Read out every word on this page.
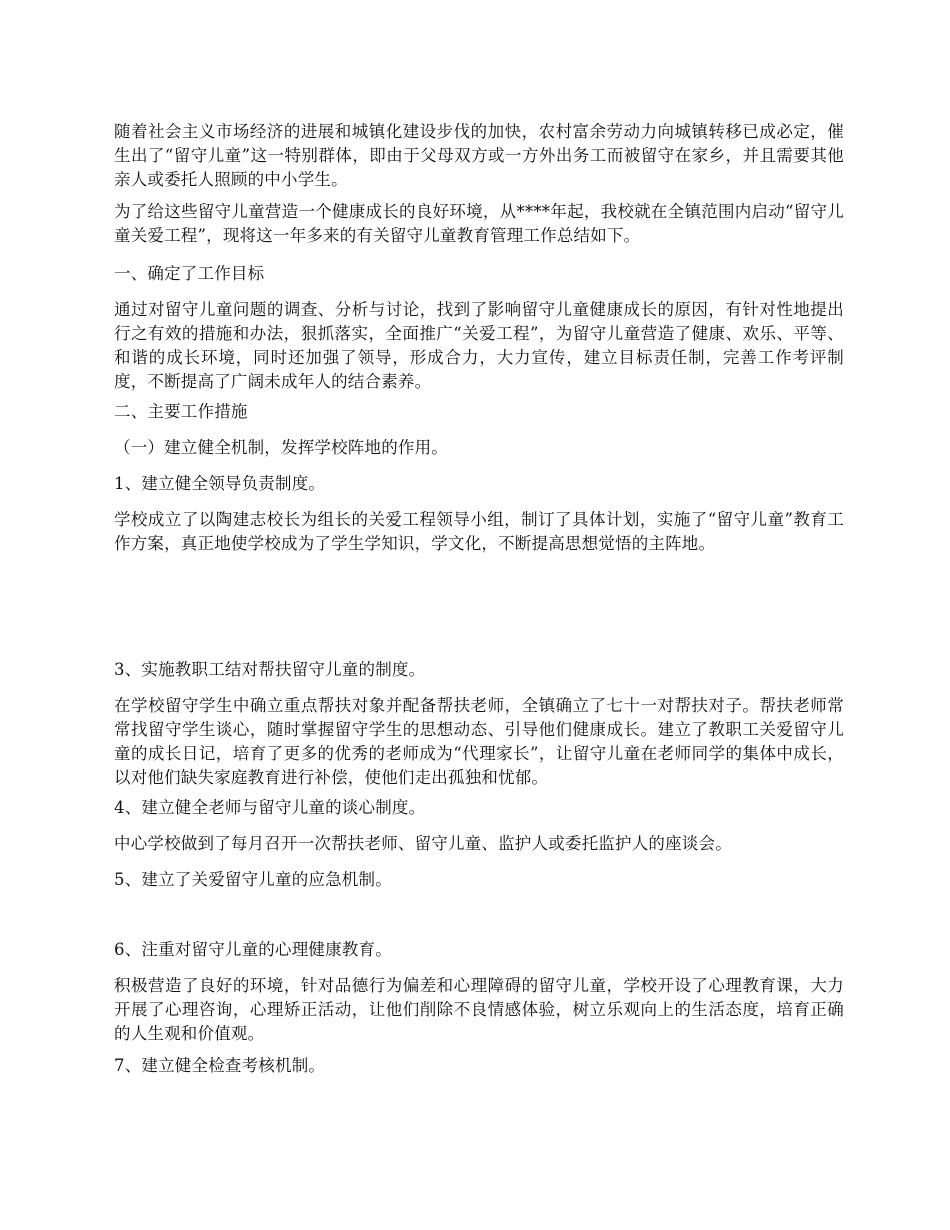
随着社会主义市场经济的进展和城镇化建设步伐的加快，农村富余劳动力向城镇转移已成必定，催生出了“留守儿童”这一特别群体，即由于父母双方或一方外出务工而被留守在家乡，并且需要其他亲人或委托人照顾的中小学生。

为了给这些留守儿童营造一个健康成长的良好环境，从****年起，我校就在全镇范围内启动“留守儿童关爱工程”，现将这一年多来的有关留守儿童教育管理工作总结如下。

一、确定了工作目标

通过对留守儿童问题的调查、分析与讨论，找到了影响留守儿童健康成长的原因，有针对性地提出行之有效的措施和办法，狠抓落实，全面推广“关爱工程”，为留守儿童营造了健康、欢乐、平等、和谐的成长环境，同时还加强了领导，形成合力，大力宣传，建立目标责任制，完善工作考评制度，不断提高了广阔未成年人的结合素养。

二、主要工作措施

（一）建立健全机制，发挥学校阵地的作用。

1、建立健全领导负责制度。

学校成立了以陶建志校长为组长的关爱工程领导小组，制订了具体计划，实施了“留守儿童”教育工作方案，真正地使学校成为了学生学知识，学文化，不断提高思想觉悟的主阵地。

3、实施教职工结对帮扶留守儿童的制度。

在学校留守学生中确立重点帮扶对象并配备帮扶老师，全镇确立了七十一对帮扶对子。帮扶老师常常找留守学生谈心，随时掌握留守学生的思想动态、引导他们健康成长。建立了教职工关爱留守儿童的成长日记，培育了更多的优秀的老师成为“代理家长”，让留守儿童在老师同学的集体中成长，以对他们缺失家庭教育进行补偿，使他们走出孤独和忧郁。

4、建立健全老师与留守儿童的谈心制度。

中心学校做到了每月召开一次帮扶老师、留守儿童、监护人或委托监护人的座谈会。

5、建立了关爱留守儿童的应急机制。

6、注重对留守儿童的心理健康教育。

积极营造了良好的环境，针对品德行为偏差和心理障碍的留守儿童，学校开设了心理教育课，大力开展了心理咨询，心理矫正活动，让他们削除不良情感体验，树立乐观向上的生活态度，培育正确的人生观和价值观。

7、建立健全检查考核机制。
